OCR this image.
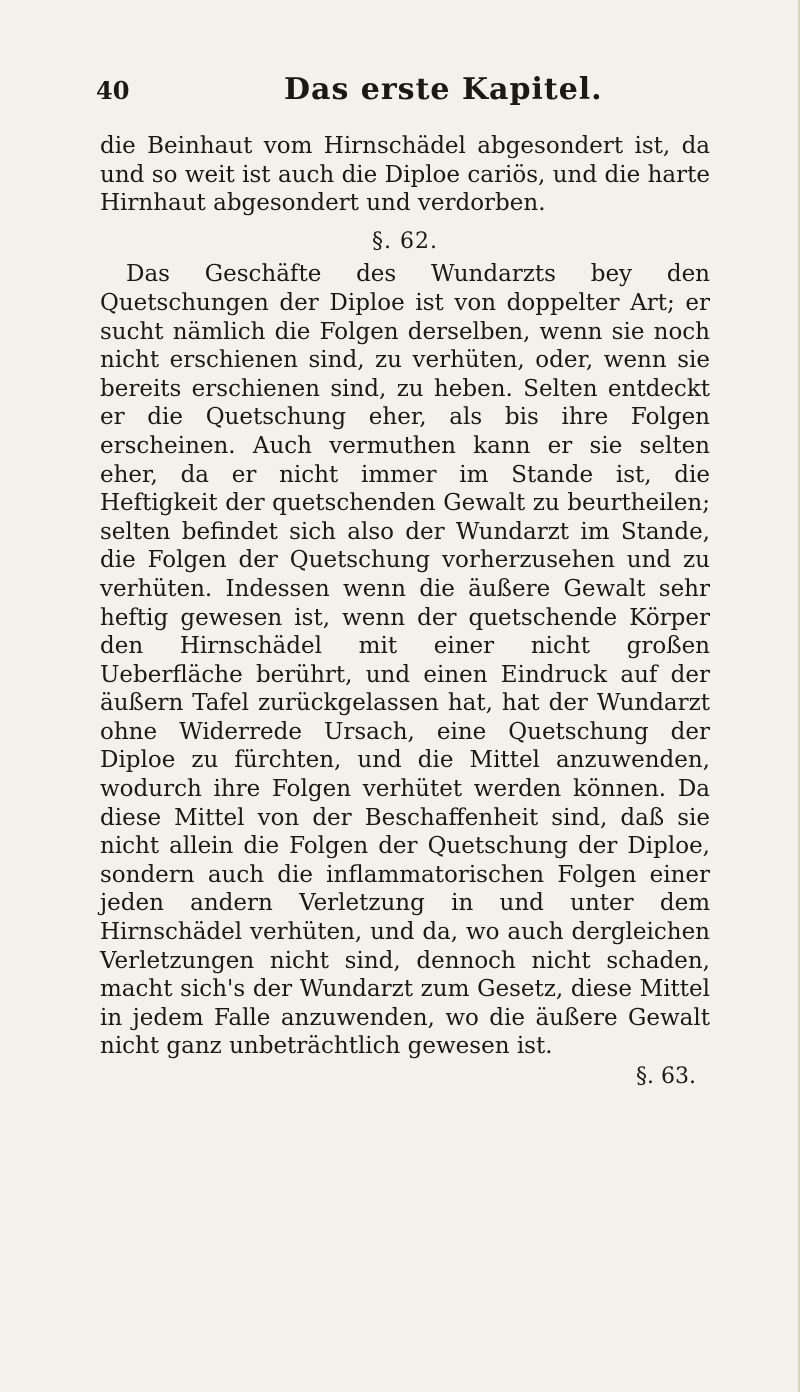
40	Das erste Kapitel.

die Beinhaut vom Hirnschädel abgesondert ist, da und so weit ist auch die Diploe cariös, und die harte Hirnhaut abgesondert und verdorben.

§. 62.

Das Geschäfte des Wundarzts bey den Quetschungen der Diploe ist von doppelter Art; er sucht nämlich die Folgen derselben, wenn sie noch nicht erschienen sind, zu verhüten, oder, wenn sie bereits erschienen sind, zu heben. Selten entdeckt er die Quetschung eher, als bis ihre Folgen erscheinen. Auch vermuthen kann er sie selten eher, da er nicht immer im Stande ist, die Heftigkeit der quetschenden Gewalt zu beurtheilen; selten befindet sich also der Wundarzt im Stande, die Folgen der Quetschung vorherzusehen und zu verhüten. Indessen wenn die äußere Gewalt sehr heftig gewesen ist, wenn der quetschende Körper den Hirnschädel mit einer nicht großen Ueberfläche berührt, und einen Eindruck auf der äußern Tafel zurückgelassen hat, hat der Wundarzt ohne Widerrede Ursach, eine Quetschung der Diploe zu fürchten, und die Mittel anzuwenden, wodurch ihre Folgen verhütet werden können. Da diese Mittel von der Beschaffenheit sind, daß sie nicht allein die Folgen der Quetschung der Diploe, sondern auch die inflammatorischen Folgen einer jeden andern Verletzung in und unter dem Hirnschädel verhüten, und da, wo auch dergleichen Verletzungen nicht sind, dennoch nicht schaden, macht sich's der Wundarzt zum Gesetz, diese Mittel in jedem Falle anzuwenden, wo die äußere Gewalt nicht ganz unbeträchtlich gewesen ist.

§. 63.
